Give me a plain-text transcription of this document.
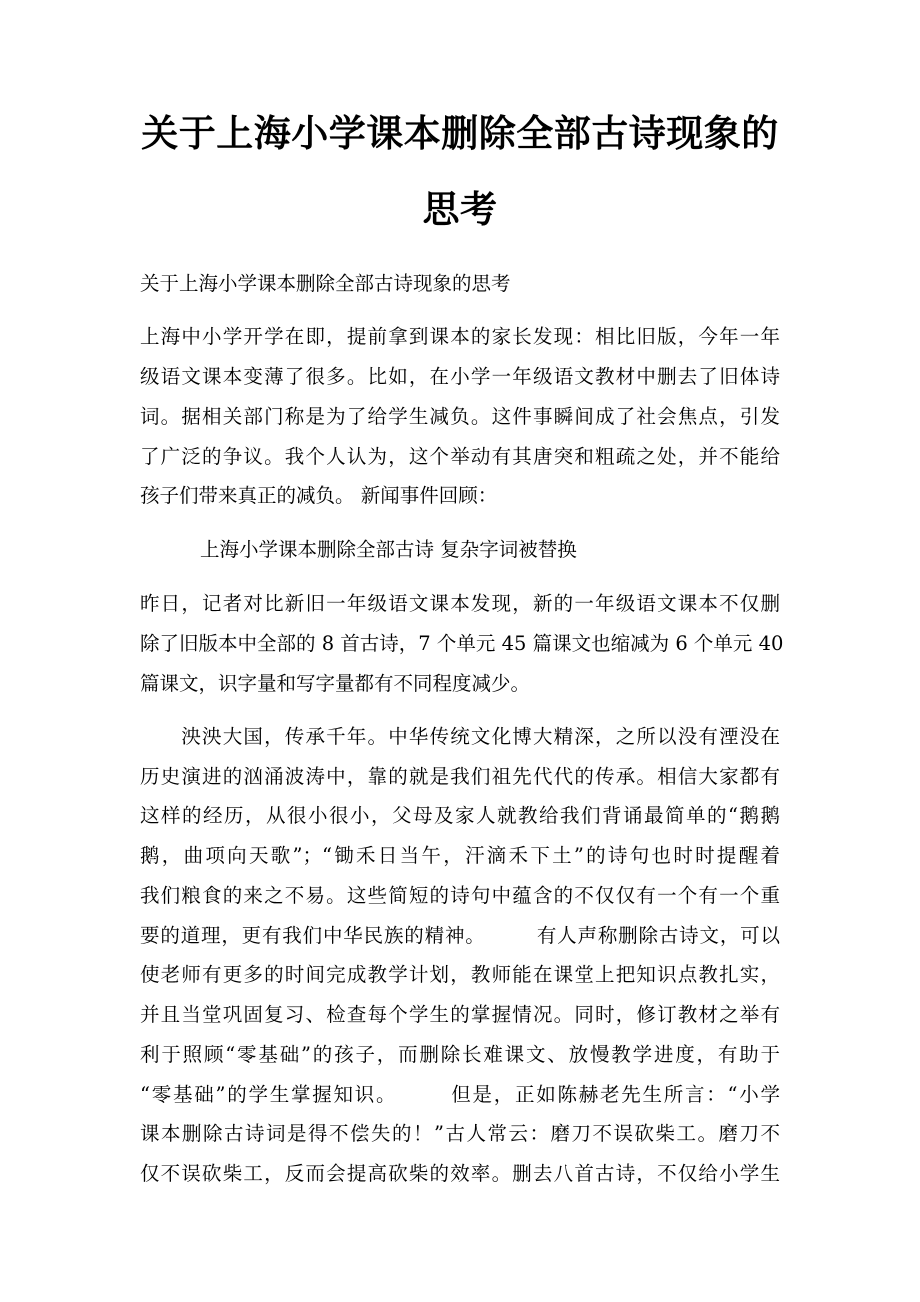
关于上海小学课本删除全部古诗现象的
思考
关于上海小学课本删除全部古诗现象的思考
上海中小学开学在即，提前拿到课本的家长发现：相比旧版，今年一年
级语文课本变薄了很多。比如，在小学一年级语文教材中删去了旧体诗
词。据相关部门称是为了给学生减负。这件事瞬间成了社会焦点，引发
了广泛的争议。我个人认为，这个举动有其唐突和粗疏之处，并不能给
孩子们带来真正的减负。 新闻事件回顾：
上海小学课本删除全部古诗 复杂字词被替换
昨日，记者对比新旧一年级语文课本发现，新的一年级语文课本不仅删
除了旧版本中全部的 8 首古诗，7 个单元 45 篇课文也缩减为 6 个单元 40
篇课文，识字量和写字量都有不同程度减少。
　　泱泱大国，传承千年。中华传统文化博大精深，之所以没有湮没在
历史演进的汹涌波涛中，靠的就是我们祖先代代的传承。相信大家都有
这样的经历，从很小很小，父母及家人就教给我们背诵最简单的“鹅鹅
鹅，曲项向天歌”；“锄禾日当午，汗滴禾下土”的诗句也时时提醒着
我们粮食的来之不易。这些简短的诗句中蕴含的不仅仅有一个有一个重
要的道理，更有我们中华民族的精神。　　　有人声称删除古诗文，可以
使老师有更多的时间完成教学计划，教师能在课堂上把知识点教扎实，
并且当堂巩固复习、检查每个学生的掌握情况。同时，修订教材之举有
利于照顾“零基础”的孩子，而删除长难课文、放慢教学进度，有助于
“零基础”的学生掌握知识。　　　但是，正如陈赫老先生所言：“小学
课本删除古诗词是得不偿失的！”古人常云：磨刀不误砍柴工。磨刀不
仅不误砍柴工，反而会提高砍柴的效率。删去八首古诗，不仅给小学生
